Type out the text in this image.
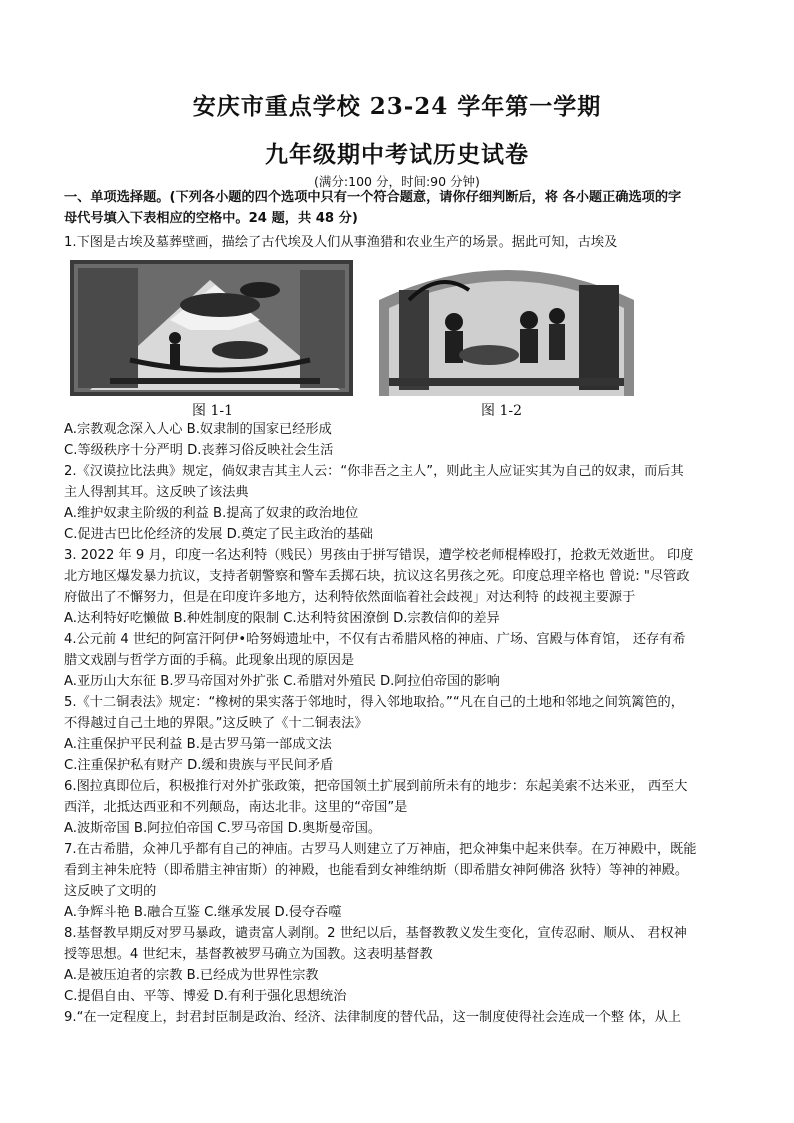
安庆市重点学校 23-24 学年第一学期
九年级期中考试历史试卷
(满分:100 分，时间:90 分钟)
一、单项选择题。(下列各小题的四个选项中只有一个符合题意，请你仔细判断后，将 各小题正确选项的字
母代号填入下表相应的空格中。24 题，共 48 分)
1.下图是古埃及墓葬壁画，描绘了古代埃及人们从事渔猎和农业生产的场景。据此可知，古埃及
图 1-1	图 1-2
A.宗教观念深入人心 B.奴隶制的国家已经形成
C.等级秩序十分严明 D.丧葬习俗反映社会生活
2.《汉谟拉比法典》规定，倘奴隶吉其主人云：“你非吾之主人”，则此主人应证实其为自己的奴隶，而后其
主人得割其耳。这反映了该法典
A.维护奴隶主阶级的利益 B.提高了奴隶的政治地位
C.促进古巴比伦经济的发展 D.奠定了民主政治的基础
3. 2022 年 9 月，印度一名达利特（贱民）男孩由于拼写错误，遭学校老师棍棒殴打，抢救无效逝世。 印度
北方地区爆发暴力抗议，支持者朝警察和警车丢掷石块，抗议这名男孩之死。印度总理辛格也 曾说: "尽管政
府做出了不懈努力，但是在印度许多地方，达利特依然面临着社会歧视」对达利特 的歧视主要源于
A.达利特好吃懒做 B.种姓制度的限制 C.达利特贫困潦倒 D.宗教信仰的差异
4.公元前 4 世纪的阿富汗阿伊•哈努姆遗址中，不仅有古希腊风格的神庙、广场、宫殿与体育馆， 还存有希
腊文戏剧与哲学方面的手稿。此现象出现的原因是
A.亚历山大东征 B.罗马帝国对外扩张 C.希腊对外殖民 D.阿拉伯帝国的影响
5.《十二铜表法》规定：“橡树的果实落于邻地时，得入邻地取拾。”“凡在自己的土地和邻地之间筑篱笆的，
不得越过自己土地的界限。”这反映了《十二铜表法》
A.注重保护平民利益 B.是古罗马第一部成文法
C.注重保护私有财产 D.缓和贵族与平民间矛盾
6.图拉真即位后，积极推行对外扩张政策，把帝国领土扩展到前所未有的地步：东起美索不达米亚， 西至大
西洋，北抵达西亚和不列颠岛，南达北非。这里的“帝国”是
A.波斯帝国 B.阿拉伯帝国 C.罗马帝国 D.奥斯曼帝国。
7.在古希腊，众神几乎都有自己的神庙。古罗马人则建立了万神庙，把众神集中起来供奉。在万神殿中，既能
看到主神朱庇特（即希腊主神宙斯）的神殿，也能看到女神维纳斯（即希腊女神阿佛洛 狄特）等神的神殿。
这反映了文明的
A.争辉斗艳 B.融合互鉴 C.继承发展 D.侵夺吞噬
8.基督教早期反对罗马暴政，谴责富人剥削。2 世纪以后，基督教教义发生变化，宣传忍耐、顺从、 君权神
授等思想。4 世纪末，基督教被罗马确立为国教。这表明基督教
A.是被压迫者的宗教 B.已经成为世界性宗教
C.提倡自由、平等、博爱 D.有利于强化思想统治
9.“在一定程度上，封君封臣制是政治、经济、法律制度的替代品，这一制度使得社会连成一个整 体，从上
